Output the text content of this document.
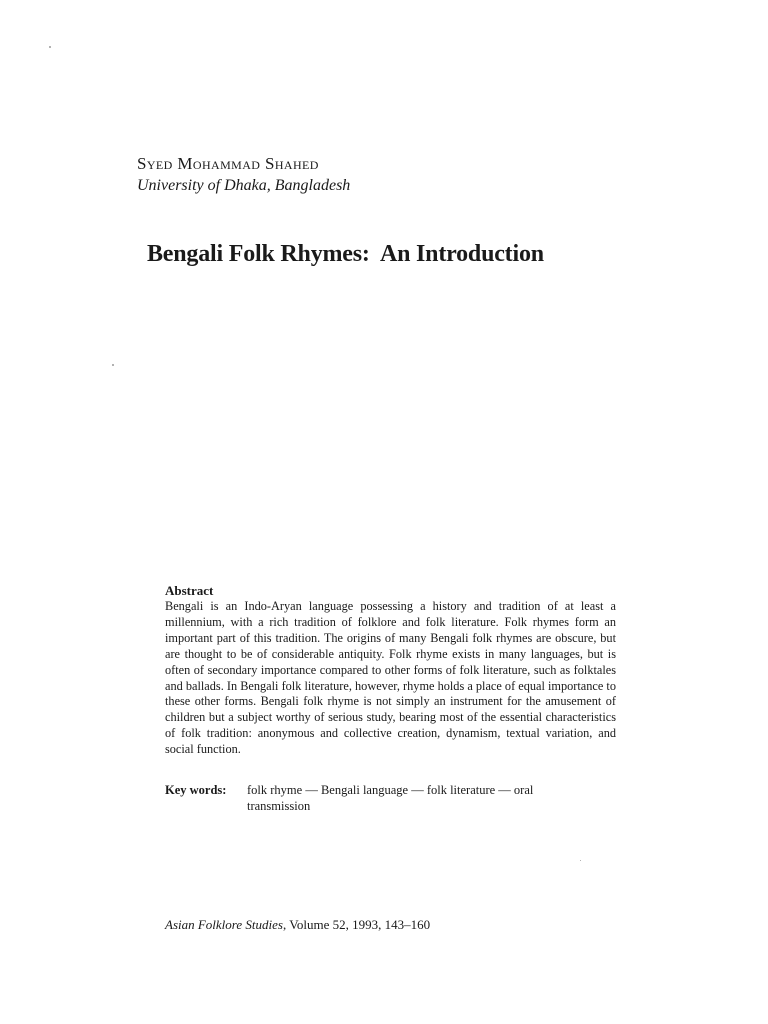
Syed Mohammad Shahed
University of Dhaka, Bangladesh
Bengali Folk Rhymes:  An Introduction
Abstract

Bengali is an Indo-Aryan language possessing a history and tradition of at least a millennium, with a rich tradition of folklore and folk literature. Folk rhymes form an important part of this tradition. The origins of many Bengali folk rhymes are obscure, but are thought to be of considerable antiquity. Folk rhyme exists in many languages, but is often of secondary importance compared to other forms of folk literature, such as folktales and ballads. In Bengali folk literature, however, rhyme holds a place of equal importance to these other forms. Bengali folk rhyme is not simply an instrument for the amusement of children but a subject worthy of serious study, bearing most of the essential characteristics of folk tradition: anonymous and collective creation, dynamism, textual variation, and social function.

Key words:	folk rhyme — Bengali language — folk literature — oral transmission
Asian Folklore Studies, Volume 52, 1993, 143–160
